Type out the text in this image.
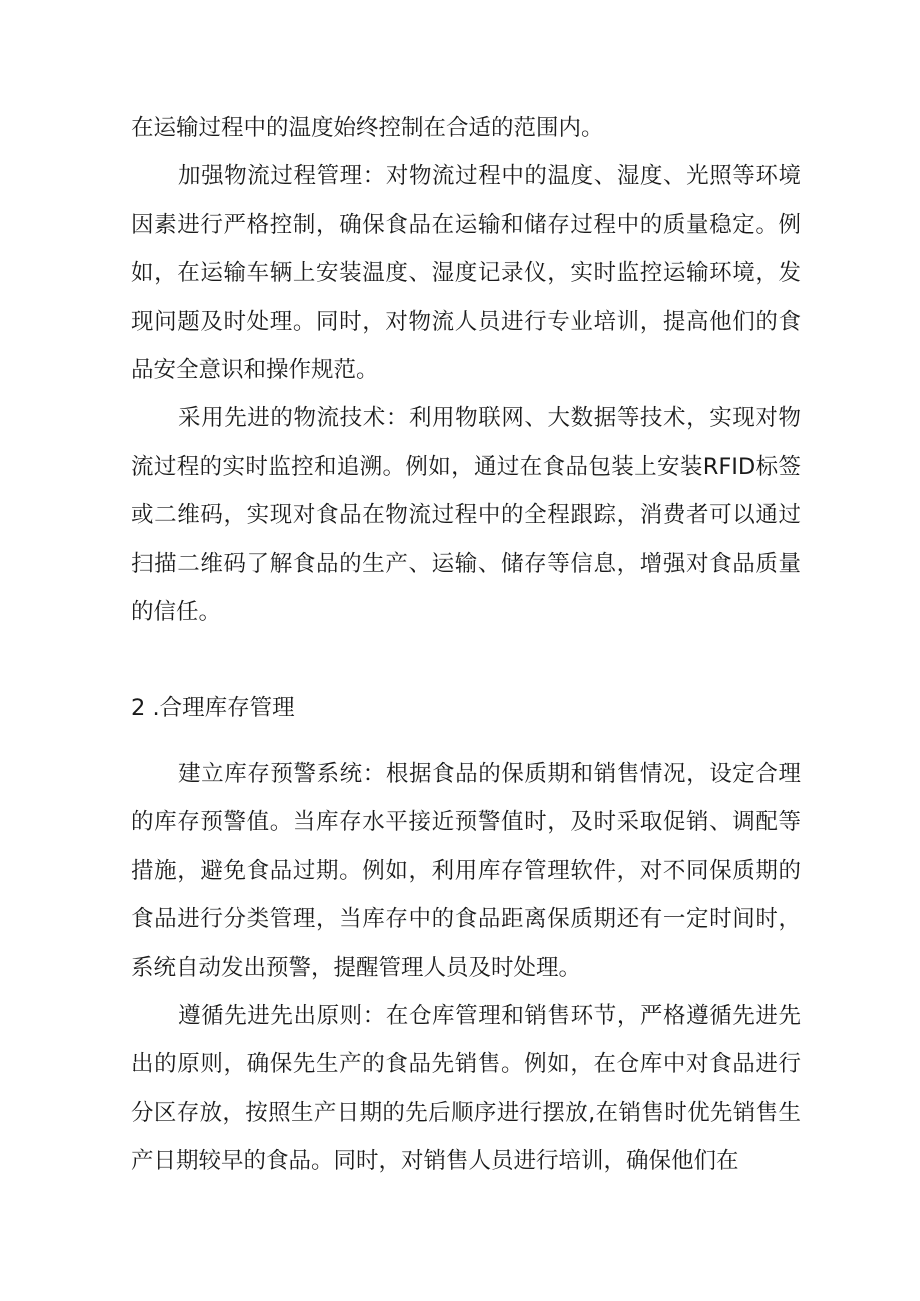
在运输过程中的温度始终控制在合适的范围内。

加强物流过程管理：对物流过程中的温度、湿度、光照等环境因素进行严格控制，确保食品在运输和储存过程中的质量稳定。例如，在运输车辆上安装温度、湿度记录仪，实时监控运输环境，发现问题及时处理。同时，对物流人员进行专业培训，提高他们的食品安全意识和操作规范。

采用先进的物流技术：利用物联网、大数据等技术，实现对物流过程的实时监控和追溯。例如，通过在食品包装上安装RFID标签或二维码，实现对食品在物流过程中的全程跟踪，消费者可以通过扫描二维码了解食品的生产、运输、储存等信息，增强对食品质量的信任。

2 .合理库存管理

建立库存预警系统：根据食品的保质期和销售情况，设定合理的库存预警值。当库存水平接近预警值时，及时采取促销、调配等措施，避免食品过期。例如，利用库存管理软件，对不同保质期的食品进行分类管理，当库存中的食品距离保质期还有一定时间时，系统自动发出预警，提醒管理人员及时处理。

遵循先进先出原则：在仓库管理和销售环节，严格遵循先进先出的原则，确保先生产的食品先销售。例如，在仓库中对食品进行分区存放，按照生产日期的先后顺序进行摆放,在销售时优先销售生产日期较早的食品。同时，对销售人员进行培训，确保他们在
